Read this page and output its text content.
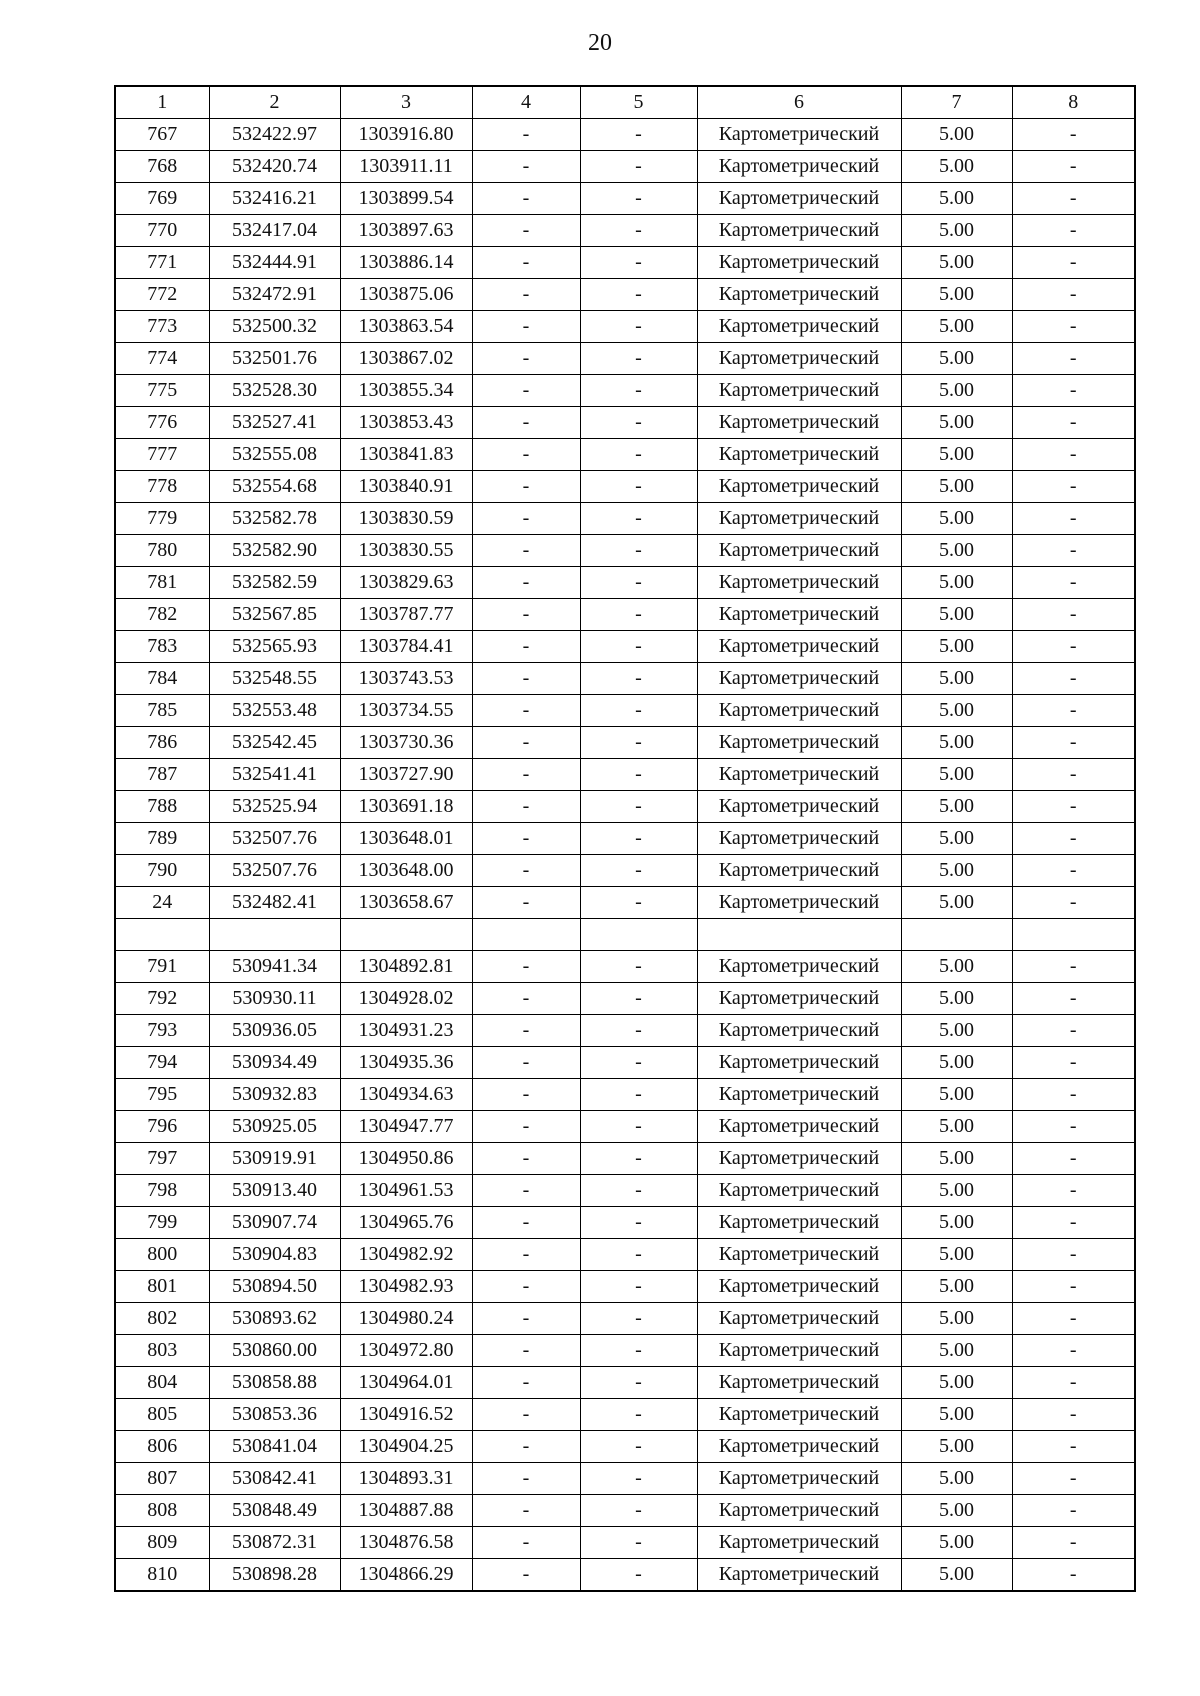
20
1	2	3	4	5	6	7	8
767	532422.97	1303916.80	-	-	Картометрический	5.00	-
768	532420.74	1303911.11	-	-	Картометрический	5.00	-
769	532416.21	1303899.54	-	-	Картометрический	5.00	-
770	532417.04	1303897.63	-	-	Картометрический	5.00	-
771	532444.91	1303886.14	-	-	Картометрический	5.00	-
772	532472.91	1303875.06	-	-	Картометрический	5.00	-
773	532500.32	1303863.54	-	-	Картометрический	5.00	-
774	532501.76	1303867.02	-	-	Картометрический	5.00	-
775	532528.30	1303855.34	-	-	Картометрический	5.00	-
776	532527.41	1303853.43	-	-	Картометрический	5.00	-
777	532555.08	1303841.83	-	-	Картометрический	5.00	-
778	532554.68	1303840.91	-	-	Картометрический	5.00	-
779	532582.78	1303830.59	-	-	Картометрический	5.00	-
780	532582.90	1303830.55	-	-	Картометрический	5.00	-
781	532582.59	1303829.63	-	-	Картометрический	5.00	-
782	532567.85	1303787.77	-	-	Картометрический	5.00	-
783	532565.93	1303784.41	-	-	Картометрический	5.00	-
784	532548.55	1303743.53	-	-	Картометрический	5.00	-
785	532553.48	1303734.55	-	-	Картометрический	5.00	-
786	532542.45	1303730.36	-	-	Картометрический	5.00	-
787	532541.41	1303727.90	-	-	Картометрический	5.00	-
788	532525.94	1303691.18	-	-	Картометрический	5.00	-
789	532507.76	1303648.01	-	-	Картометрический	5.00	-
790	532507.76	1303648.00	-	-	Картометрический	5.00	-
24	532482.41	1303658.67	-	-	Картометрический	5.00	-

791	530941.34	1304892.81	-	-	Картометрический	5.00	-
792	530930.11	1304928.02	-	-	Картометрический	5.00	-
793	530936.05	1304931.23	-	-	Картометрический	5.00	-
794	530934.49	1304935.36	-	-	Картометрический	5.00	-
795	530932.83	1304934.63	-	-	Картометрический	5.00	-
796	530925.05	1304947.77	-	-	Картометрический	5.00	-
797	530919.91	1304950.86	-	-	Картометрический	5.00	-
798	530913.40	1304961.53	-	-	Картометрический	5.00	-
799	530907.74	1304965.76	-	-	Картометрический	5.00	-
800	530904.83	1304982.92	-	-	Картометрический	5.00	-
801	530894.50	1304982.93	-	-	Картометрический	5.00	-
802	530893.62	1304980.24	-	-	Картометрический	5.00	-
803	530860.00	1304972.80	-	-	Картометрический	5.00	-
804	530858.88	1304964.01	-	-	Картометрический	5.00	-
805	530853.36	1304916.52	-	-	Картометрический	5.00	-
806	530841.04	1304904.25	-	-	Картометрический	5.00	-
807	530842.41	1304893.31	-	-	Картометрический	5.00	-
808	530848.49	1304887.88	-	-	Картометрический	5.00	-
809	530872.31	1304876.58	-	-	Картометрический	5.00	-
810	530898.28	1304866.29	-	-	Картометрический	5.00	-
